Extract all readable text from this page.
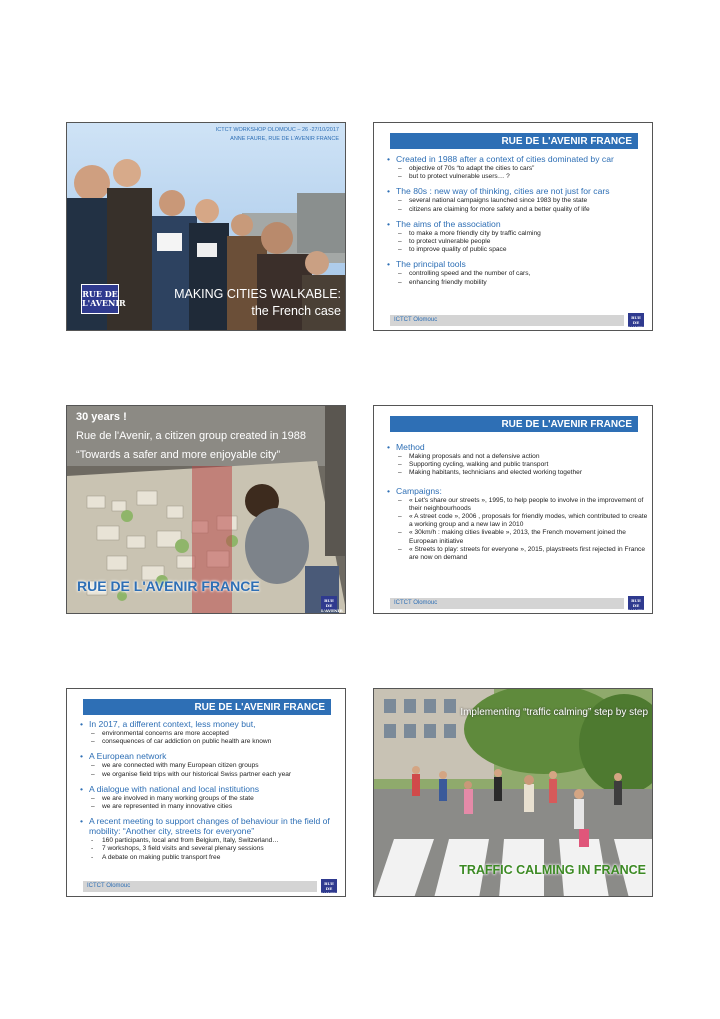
ICTCT WORKSHOP OLOMOUC – 26 -27/10/2017
ANNE FAURE, RUE DE L'AVENIR FRANCE
MAKING CITIES WALKABLE:
the French case
RUE DE
L'AVENIR
RUE DE L'AVENIR FRANCE
• Created in 1988 after a context of cities dominated by car
– objective of 70s “to adapt the cities to cars”
– but to protect vulnerable users… ?
• The 80s : new way of thinking, cities are not just for cars
– several national campaigns launched since 1983 by the state
– citizens are claiming for more safety and a better quality of life
• The aims of the association
– to make a more friendly city by traffic calming
– to protect vulnerable people
– to improve quality of public space
• The principal tools
– controlling speed and the number of cars,
– enhancing friendly mobility
ICTCT Olomouc	RUE DE L'AVENIR
30 years !
Rue de l'Avenir, a citizen group created in 1988
“Towards a safer and more enjoyable city”
RUE DE L'AVENIR FRANCE
RUE DE L'AVENIR
RUE DE L'AVENIR FRANCE
• Method
– Making proposals and not a defensive action
– Supporting cycling, walking and public transport
– Making habitants, technicians and elected working together
• Campaigns:
– « Let's share our streets », 1995, to help people to involve in the improvement of their neighbourhoods
– « A street code », 2006 , proposals for friendly modes, which contributed to create a working group and a new law in 2010
– « 30km/h : making cities liveable », 2013, the French movement joined the European initiative
– « Streets to play: streets for everyone », 2015, playstreets first rejected in France are now on demand
ICTCT Olomouc	RUE DE L'AVENIR
RUE DE L'AVENIR FRANCE
• In 2017, a different context, less money but,
– environmental concerns are more accepted
– consequences of car addiction on public health are known
• A European network
– we are connected with many European citizen groups
– we organise field trips with our historical Swiss partner each year
• A dialogue with national and local institutions
– we are involved in many working groups of the state
– we are represented in many innovative cities
• A recent meeting to support changes of behaviour in the field of mobility: “Another city, streets for everyone”
- 160 participants, local and from Belgium, Italy, Switzerland…
- 7 workshops, 3 field visits and several plenary sessions
- A debate on making public transport free
ICTCT Olomouc	RUE DE L'AVENIR
Implementing “traffic calming” step by step
TRAFFIC CALMING IN FRANCE
